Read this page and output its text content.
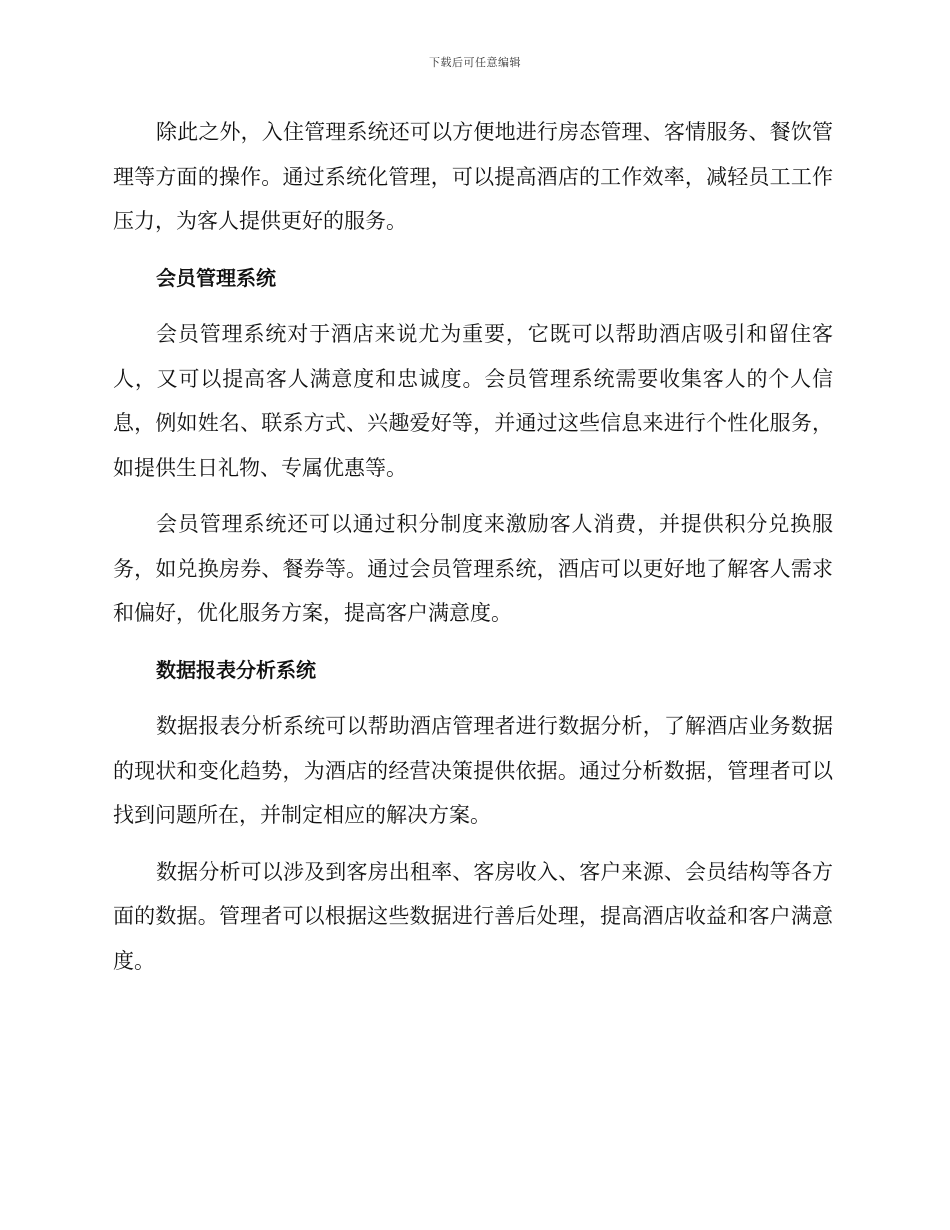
下载后可任意编辑

除此之外，入住管理系统还可以方便地进行房态管理、客情服务、餐饮管理等方面的操作。通过系统化管理，可以提高酒店的工作效率，减轻员工工作压力，为客人提供更好的服务。

会员管理系统

会员管理系统对于酒店来说尤为重要，它既可以帮助酒店吸引和留住客人，又可以提高客人满意度和忠诚度。会员管理系统需要收集客人的个人信息，例如姓名、联系方式、兴趣爱好等，并通过这些信息来进行个性化服务，如提供生日礼物、专属优惠等。

会员管理系统还可以通过积分制度来激励客人消费，并提供积分兑换服务，如兑换房券、餐券等。通过会员管理系统，酒店可以更好地了解客人需求和偏好，优化服务方案，提高客户满意度。

数据报表分析系统

数据报表分析系统可以帮助酒店管理者进行数据分析，了解酒店业务数据的现状和变化趋势，为酒店的经营决策提供依据。通过分析数据，管理者可以找到问题所在，并制定相应的解决方案。

数据分析可以涉及到客房出租率、客房收入、客户来源、会员结构等各方面的数据。管理者可以根据这些数据进行善后处理，提高酒店收益和客户满意度。
